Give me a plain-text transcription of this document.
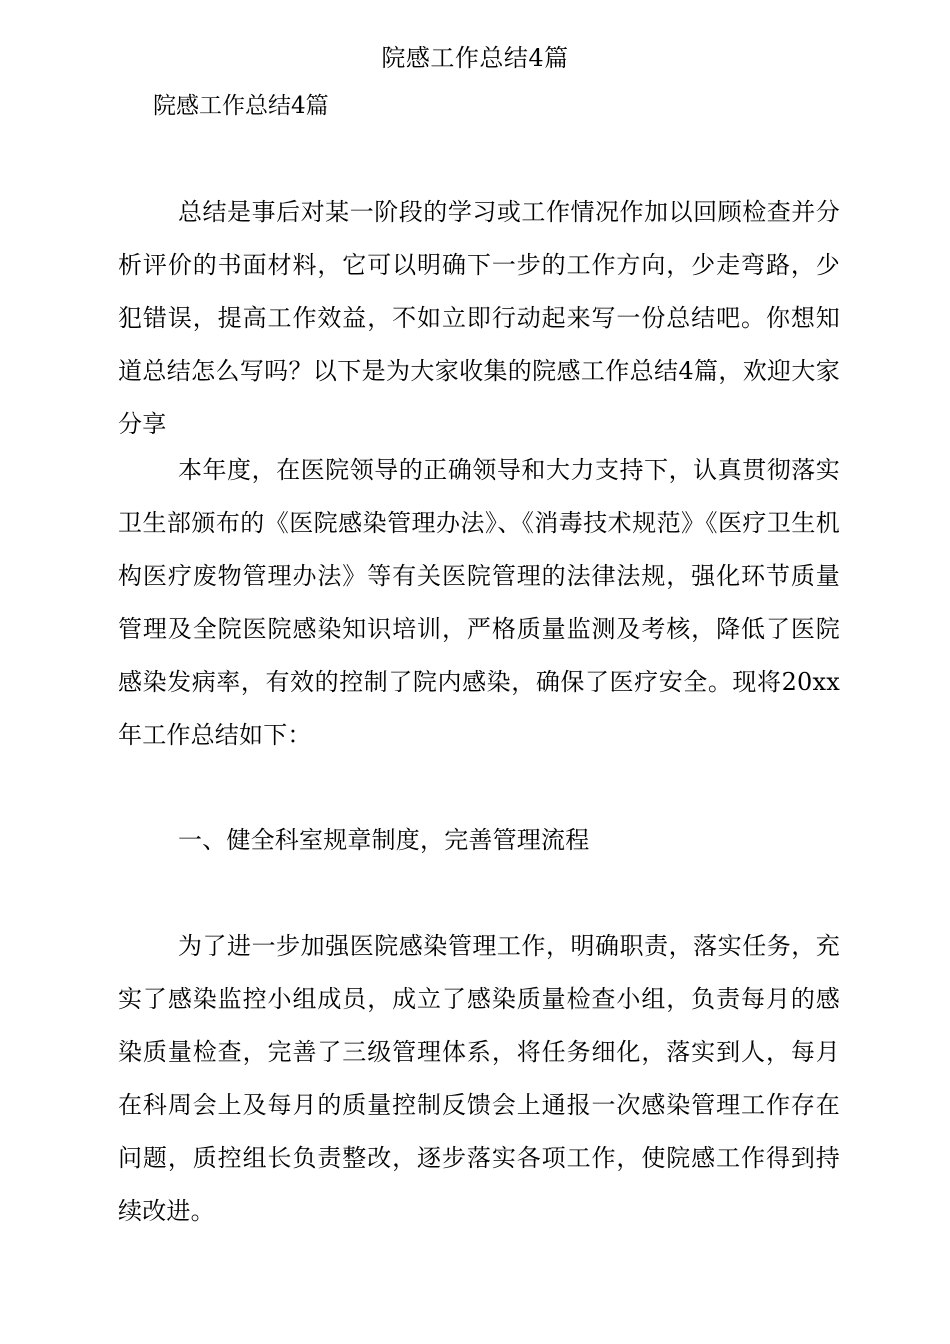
院感工作总结4篇
院感工作总结4篇

总结是事后对某一阶段的学习或工作情况作加以回顾检查并分析评价的书面材料，它可以明确下一步的工作方向，少走弯路，少犯错误，提高工作效益，不如立即行动起来写一份总结吧。你想知道总结怎么写吗？以下是为大家收集的院感工作总结4篇，欢迎大家分享

本年度，在医院领导的正确领导和大力支持下，认真贯彻落实卫生部颁布的《医院感染管理办法》、《消毒技术规范》《医疗卫生机构医疗废物管理办法》等有关医院管理的法律法规，强化环节质量管理及全院医院感染知识培训，严格质量监测及考核，降低了医院感染发病率，有效的控制了院内感染，确保了医疗安全。现将20xx年工作总结如下：

一、健全科室规章制度，完善管理流程

为了进一步加强医院感染管理工作，明确职责，落实任务，充实了感染监控小组成员，成立了感染质量检查小组，负责每月的感染质量检查，完善了三级管理体系，将任务细化，落实到人，每月在科周会上及每月的质量控制反馈会上通报一次感染管理工作存在问题，质控组长负责整改，逐步落实各项工作，使院感工作得到持续改进。
